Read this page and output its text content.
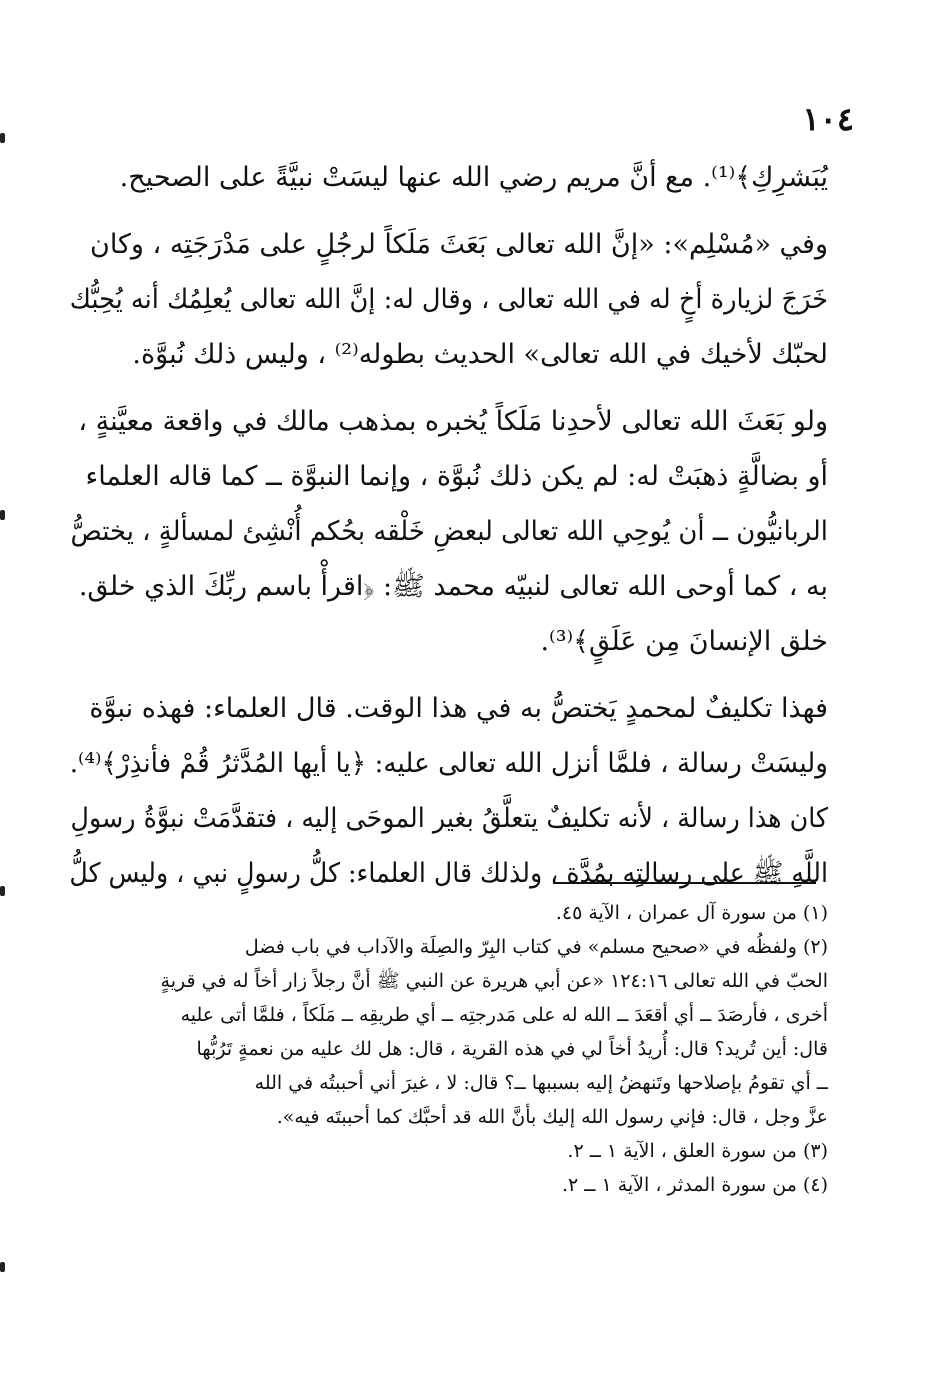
١٠٤

يُبَشرِكِ﴾⁽¹⁾. مع أنَّ مريم رضي الله عنها ليسَتْ نبيَّةً على الصحيح.

وفي «مُسْلِم»: «إنَّ الله تعالى بَعَثَ مَلَكاً لرجُلٍ على مَدْرَجَتِه ، وكان
خَرَجَ لزيارة أخٍ له في الله تعالى ، وقال له: إنَّ الله تعالى يُعلِمُك أنه يُحِبُّك
لحبّك لأخيك في الله تعالى» الحديث بطوله⁽²⁾ ، وليس ذلك نُبوَّة.

ولو بَعَثَ الله تعالى لأحدِنا مَلَكاً يُخبره بمذهب مالك في واقعة معيَّنةٍ ،
أو بضالَّةٍ ذهبَتْ له: لم يكن ذلك نُبوَّة ، وإنما النبوَّة ــ كما قاله العلماء
الربانيُّون ــ أن يُوحِي الله تعالى لبعضِ خَلْقه بحُكم أُنْشِئ لمسألةٍ ، يختصُّ
به ، كما أوحى الله تعالى لنبيّه محمد ﷺ: ﴿اقرأْ باسم ربِّكَ الذي خلق.
خلق الإنسانَ مِن عَلَقٍ﴾⁽³⁾.

فهذا تكليفٌ لمحمدٍ يَختصُّ به في هذا الوقت. قال العلماء: فهذه نبوَّة
وليسَتْ رسالة ، فلمَّا أنزل الله تعالى عليه: ﴿يا أيها المُدَّثرُ قُمْ فأنذِرْ﴾⁽⁴⁾.
كان هذا رسالة ، لأنه تكليفٌ يتعلَّقُ بغير الموحَى إليه ، فتقدَّمَتْ نبوَّةُ رسولِ
اللَّهِ ﷺ على رسالتِه بمُدَّة ، ولذلك قال العلماء: كلُّ رسولٍ نبي ، وليس كلُّ

(١) من سورة آل عمران ، الآية ٤٥.

(٢) ولفظُه في «صحيح مسلم» في كتاب البِرّ والصِلَة والآداب في باب فضل
الحبّ في الله تعالى ١٢٤:١٦ «عن أبي هريرة عن النبي ﷺ أنَّ رجلاً زار أخاً له في قريةٍ
أخرى ، فأرصَدَ ــ أي أقعَدَ ــ الله له على مَدرجتِه ــ أي طريقِه ــ مَلَكاً ، فلمَّا أتى عليه
قال: أين تُريد؟ قال: أُريدُ أخاً لي في هذه القرية ، قال: هل لك عليه من نعمةٍ تَرُبُّها
ــ أي تقومُ بإصلاحها وتَنهضُ إليه بسببها ــ؟ قال: لا ، غيرَ أني أحببتُه في الله
عزَّ وجل ، قال: فإني رسول الله إليك بأنَّ الله قد أحبَّك كما أحببتَه فيه».

(٣) من سورة العلق ، الآية ١ ــ ٢.

(٤) من سورة المدثر ، الآية ١ ــ ٢.
